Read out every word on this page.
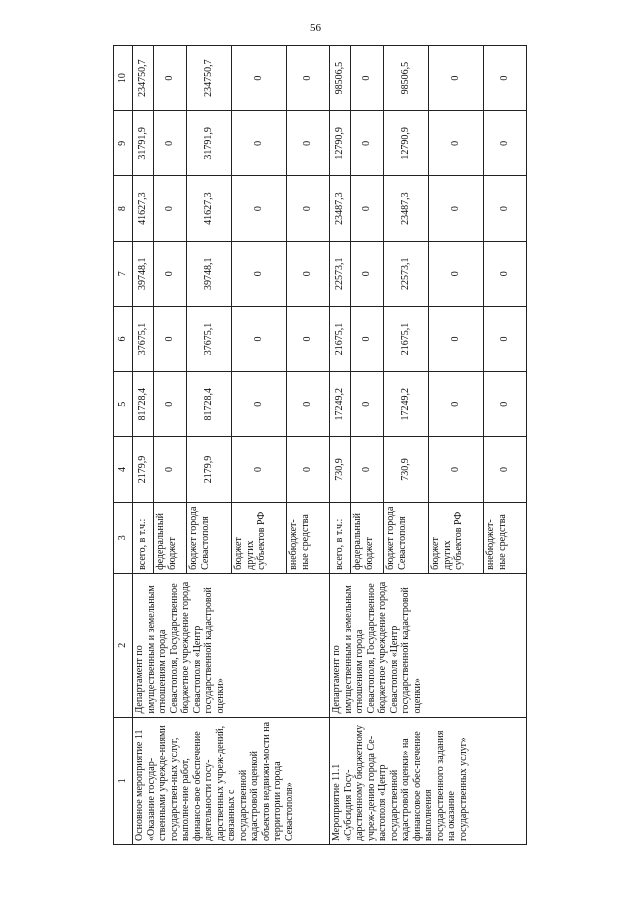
56
1	2	3	4	5	6	7	8	9	10
Основное мероприятие 11 «Оказание государ-ственными учрежде-ниями государствен-ных услуг, выполне-ние работ, финансо-вое обеспечение деятельности госу-дарственных учреж-дений, связанных с государственной кадастровой оценкой объектов недвижи-мости на территории города Севастополя»	Департамент по имущественным и земельным отношениям города Севастополя, Государственное бюджетное учреждение города Севастополя «Центр государственной кадастровой оценки»	всего, в т.ч.:	2179,9	81728,4	37675,1	39748,1	41627,3	31791,9	234750,7
		федеральный бюджет	0	0	0	0	0	0	0
		бюджет города Севастополя	2179,9	81728,4	37675,1	39748,1	41627,3	31791,9	234750,7
		бюджет других субъектов РФ	0	0	0	0	0	0	0
		внебюджет-ные средства	0	0	0	0	0	0	0
Мероприятие 11.1 «Субсидия Госу-дарственному бюджетному учреж-дению города Се-вастополя «Центр государственной кадастровой оценки» на финансовое обес-печение выполнения государственного задания на оказание государственных услуг»	Департамент по имущественным и земельным отношениям города Севастополя, Государственное бюджетное учреждение города Севастополя «Центр государственной кадастровой оценки»	всего, в т.ч.:	730,9	17249,2	21675,1	22573,1	23487,3	12790,9	98506,5
		федеральный бюджет	0	0	0	0	0	0	0
		бюджет города Севастополя	730,9	17249,2	21675,1	22573,1	23487,3	12790,9	98506,5
		бюджет других субъектов РФ	0	0	0	0	0	0	0
		внебюджет-ные средства	0	0	0	0	0	0	0
